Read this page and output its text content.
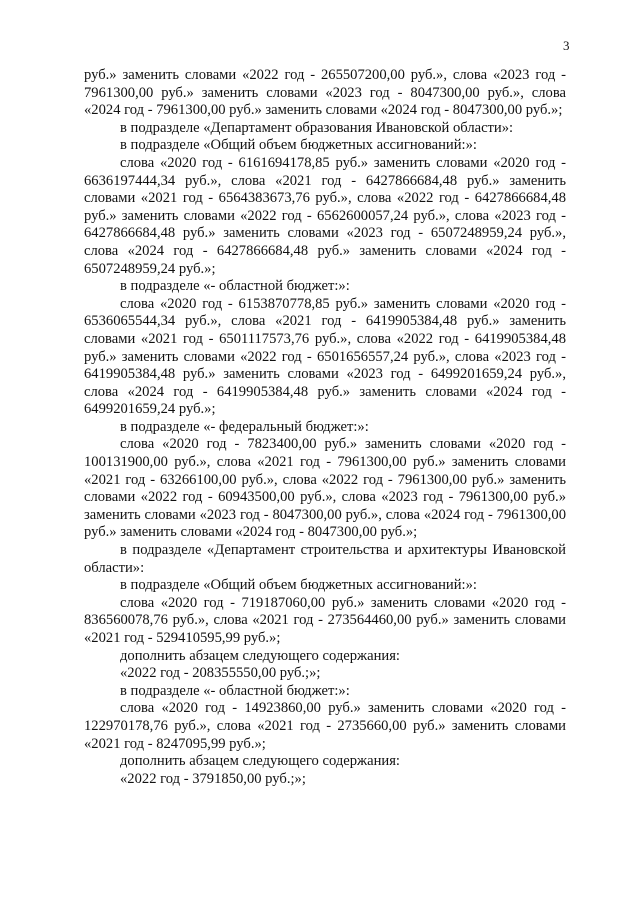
3

руб.» заменить словами «2022 год - 265507200,00 руб.», слова «2023 год - 7961300,00 руб.» заменить словами «2023 год - 8047300,00 руб.», слова «2024 год - 7961300,00 руб.» заменить словами «2024 год - 8047300,00 руб.»;

в подразделе «Департамент образования Ивановской области»:

в подразделе «Общий объем бюджетных ассигнований:»:

слова «2020 год - 6161694178,85 руб.» заменить словами «2020 год - 6636197444,34 руб.», слова «2021 год - 6427866684,48 руб.» заменить словами «2021 год - 6564383673,76 руб.», слова «2022 год - 6427866684,48 руб.» заменить словами «2022 год - 6562600057,24 руб.», слова «2023 год - 6427866684,48 руб.» заменить словами «2023 год - 6507248959,24 руб.», слова «2024 год - 6427866684,48 руб.» заменить словами «2024 год - 6507248959,24 руб.»;

в подразделе «- областной бюджет:»:

слова «2020 год - 6153870778,85 руб.» заменить словами «2020 год - 6536065544,34 руб.», слова «2021 год - 6419905384,48 руб.» заменить словами «2021 год - 6501117573,76 руб.», слова «2022 год - 6419905384,48 руб.» заменить словами «2022 год - 6501656557,24 руб.», слова «2023 год - 6419905384,48 руб.» заменить словами «2023 год - 6499201659,24 руб.», слова «2024 год - 6419905384,48 руб.» заменить словами «2024 год - 6499201659,24 руб.»;

в подразделе «- федеральный бюджет:»:

слова «2020 год - 7823400,00 руб.» заменить словами «2020 год - 100131900,00 руб.», слова «2021 год - 7961300,00 руб.» заменить словами «2021 год - 63266100,00 руб.», слова «2022 год - 7961300,00 руб.» заменить словами «2022 год - 60943500,00 руб.», слова «2023 год - 7961300,00 руб.» заменить словами «2023 год - 8047300,00 руб.», слова «2024 год - 7961300,00 руб.» заменить словами «2024 год - 8047300,00 руб.»;

в подразделе «Департамент строительства и архитектуры Ивановской области»:

в подразделе «Общий объем бюджетных ассигнований:»:

слова «2020 год - 719187060,00 руб.» заменить словами «2020 год - 836560078,76 руб.», слова «2021 год - 273564460,00 руб.» заменить словами «2021 год - 529410595,99 руб.»;

дополнить абзацем следующего содержания:

«2022 год - 208355550,00 руб.;»;

в подразделе «- областной бюджет:»:

слова «2020 год - 14923860,00 руб.» заменить словами «2020 год - 122970178,76 руб.», слова «2021 год - 2735660,00 руб.» заменить словами «2021 год - 8247095,99 руб.»;

дополнить абзацем следующего содержания:

«2022 год - 3791850,00 руб.;»;
